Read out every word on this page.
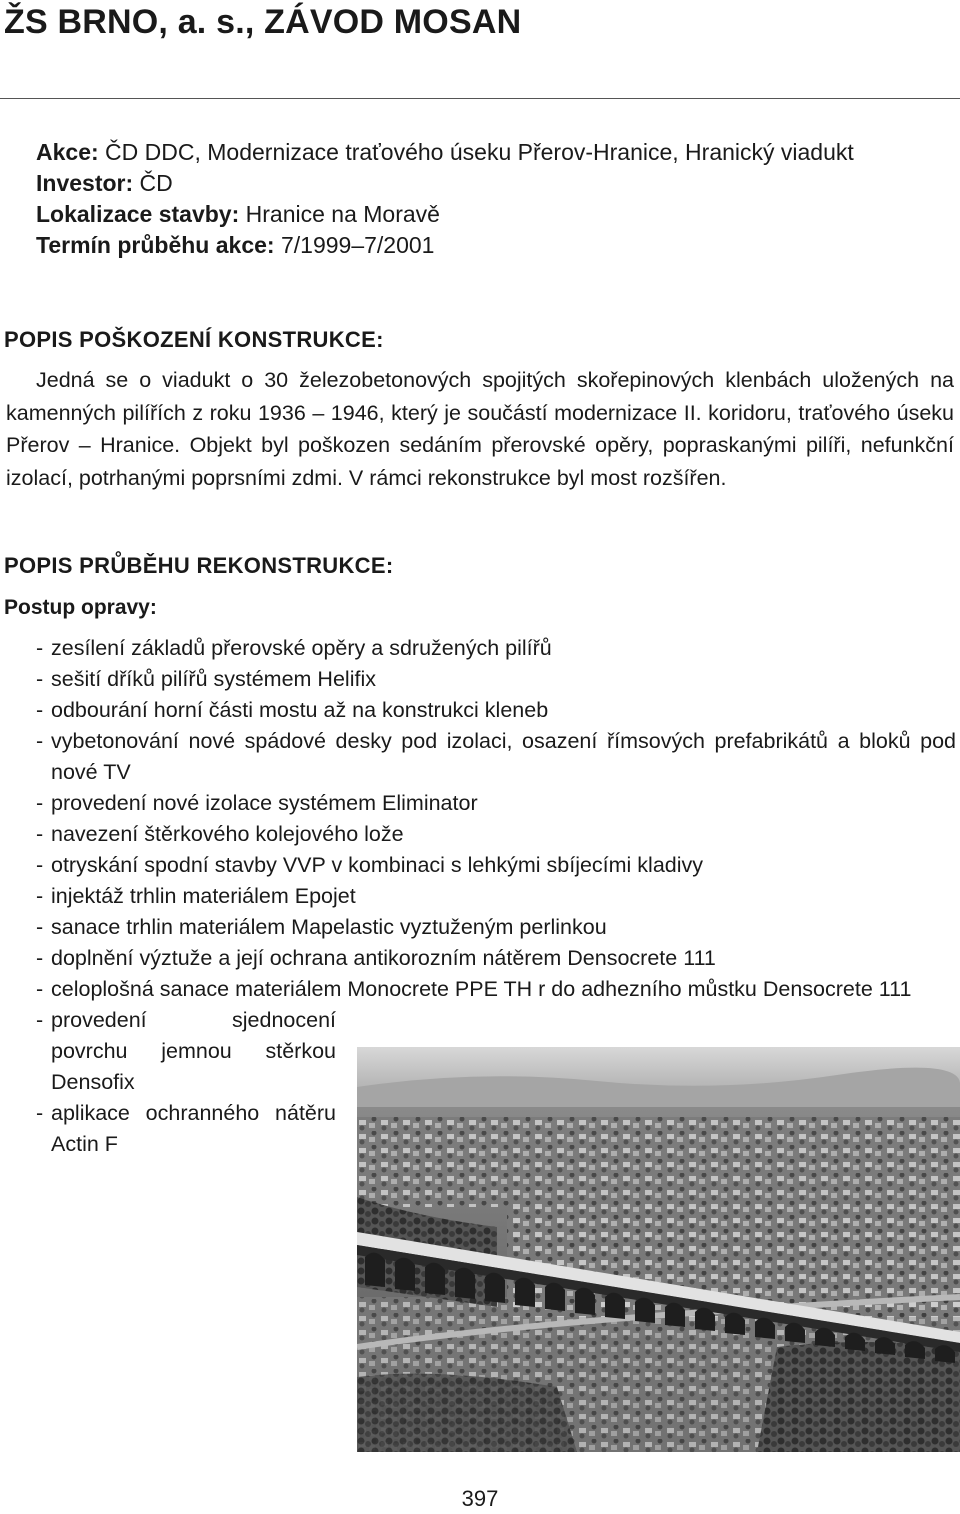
ŽS BRNO, a. s., ZÁVOD MOSAN
Akce: ČD DDC, Modernizace traťového úseku Přerov-Hranice, Hranický viadukt
Investor: ČD
Lokalizace stavby: Hranice na Moravě
Termín průběhu akce: 7/1999–7/2001
POPIS POŠKOZENÍ KONSTRUKCE:

Jedná se o viadukt o 30 železobetonových spojitých skořepinových klenbách uložených na kamenných pilířích z roku 1936 – 1946, který je součástí modernizace II. koridoru, traťového úseku Přerov – Hranice. Objekt byl poškozen sedáním přerovské opěry, popraskanými pilíři, nefunkční izolací, potrhanými poprsními zdmi. V rámci rekonstrukce byl most rozšířen.

POPIS PRŮBĚHU REKONSTRUKCE:
Postup opravy:
- zesílení základů přerovské opěry a sdružených pilířů
- sešití dříků pilířů systémem Helifix
- odbourání horní části mostu až na konstrukci kleneb
- vybetonování nové spádové desky pod izolaci, osazení římsových prefabrikátů a bloků pod nové TV
- provedení nové izolace systémem Eliminator
- navezení štěrkového kolejového lože
- otryskání spodní stavby VVP v kombinaci s lehkými sbíjecími kladivy
- injektáž trhlin materiálem Epojet
- sanace trhlin materiálem Mapelastic vyztuženým perlinkou
- doplnění výztuže a její ochrana antikorozním nátěrem Densocrete 111
- celoplošná sanace materiálem Monocrete PPE TH r do adhezního můstku Densocrete 111
- provedení sjednocení povrchu jemnou stěrkou Densofix
- aplikace ochranného nátěru Actin F
397
